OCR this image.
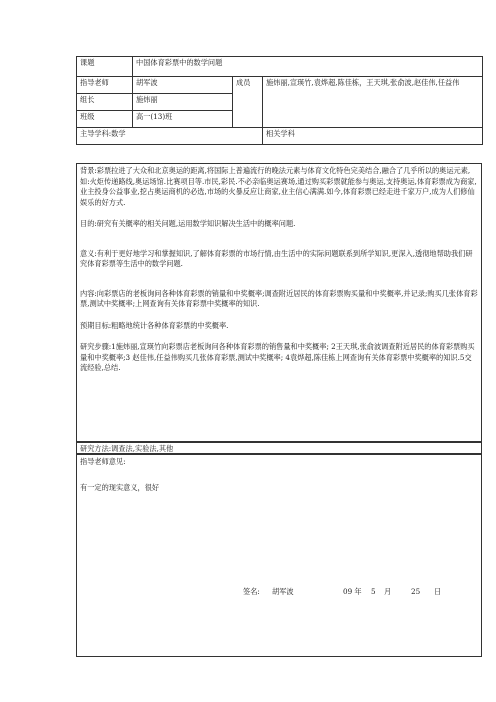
课题	中国体育彩票中的数学问题		
指导老师	胡军波	成员	施炜丽,宣瑛竹,袁烨超,陈佳栋，王天琪,张俞波,赵佳伟,任益伟
组长	施炜丽		
班级	高一(13)班		
主导学科:数学			相关学科

背景:彩票拉进了大众和北京奥运的距离,将国际上普遍流行的晚法元素与体育文化特色完美结合,融合了几乎所以的奥运元素,如:火炬传递路线,奥运场馆.比赛项目等.市民,彩民.不必亲临奥运赛场,通过购买彩票就能参与奥运,支持奥运,体育彩票成为商家,业主投身公益事业,挖占奥运商机的必选,市场的火暴反应让商家,业主信心满满.如今,体育彩票已经走进千家万户,成为人们修仙娱乐的好方式.

目的:研究有关概率的相关问题,运用数学知识解决生活中的概率问题.

意义:有利于更好地学习和掌握知识,了解体育彩票的市场行情,由生活中的实际问题联系到所学知识,更深入,透彻地帮助我们研究体育彩票等生活中的数学问题.

内容:向彩票店的老板询问各种体育彩票的销量和中奖概率;调查附近居民的体育彩票购买量和中奖概率,并记录;购买几张体育彩票,测试中奖概率;上网查询有关体育彩票中奖概率的知识.

预期目标:粗略地统计各种体育彩票的中奖概率.

研究步骤:1施炜丽,宣瑛竹向彩票店老板询问各种体育彩票的销售量和中奖概率; 2王天琪,张俞波调查附近居民的体育彩票购买量和中奖概率;3 赵佳伟,任益伟购买几张体育彩票,测试中奖概率; 4袁烨超,陈佳栋上网查询有关体育彩票中奖概率的知识.5交流经验,总结.

研究方法:调查法,实验法,其他

指导老师意见:

有一定的现实意义，很好

签名: 胡军波	09 年 5 月	25 日
